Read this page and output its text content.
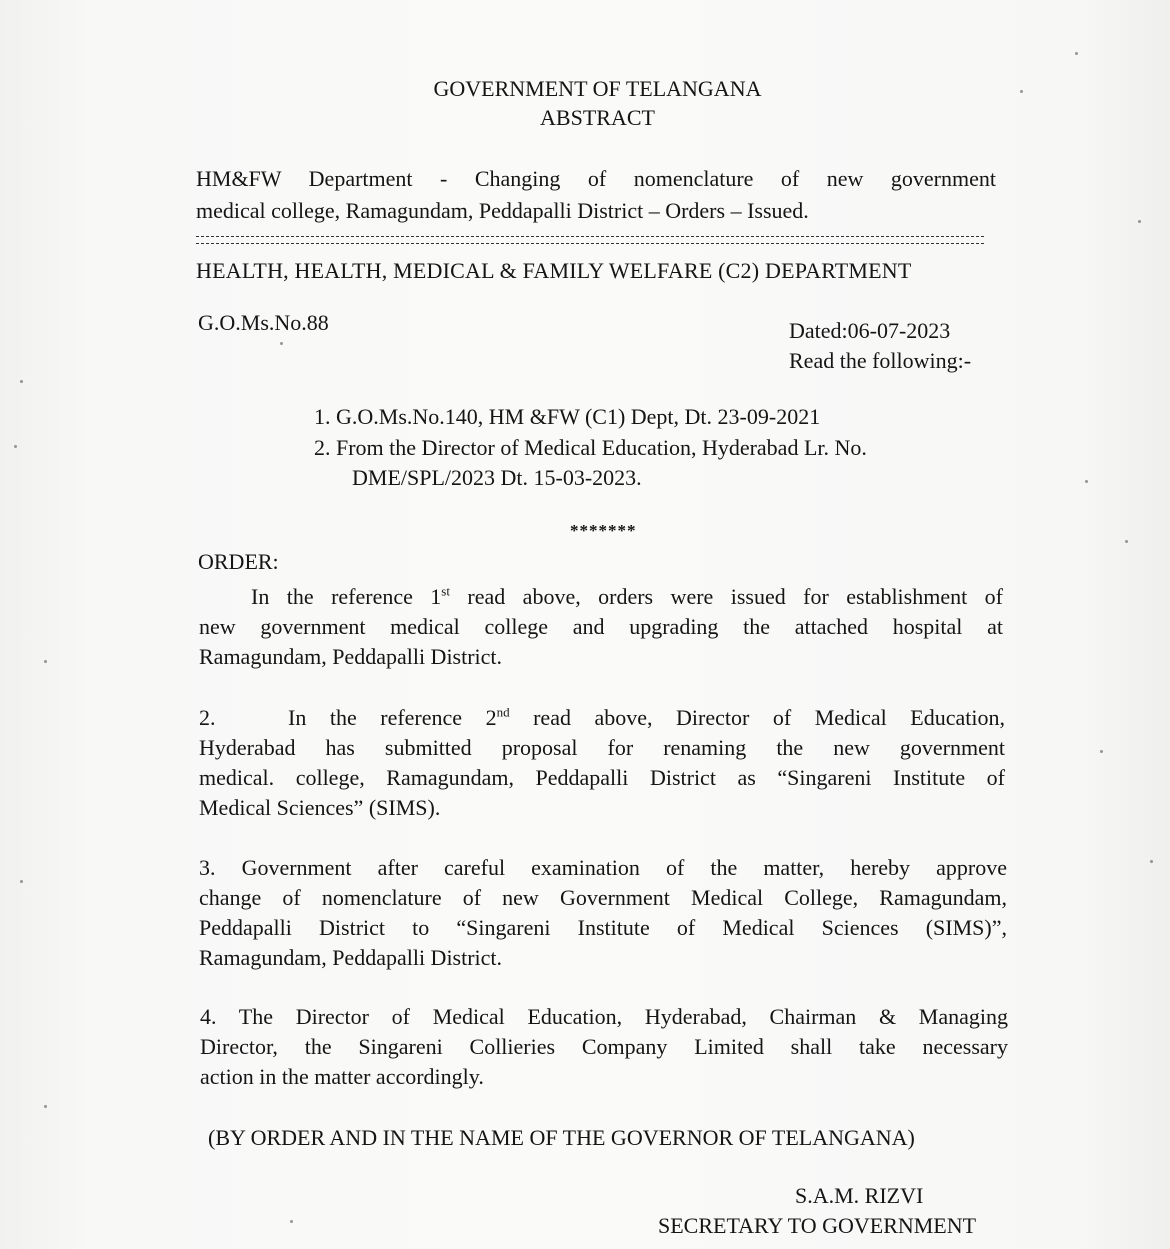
GOVERNMENT OF TELANGANA
ABSTRACT
HM&FW Department - Changing of nomenclature of new government
medical college, Ramagundam, Peddapalli District – Orders – Issued.
HEALTH, HEALTH, MEDICAL & FAMILY WELFARE (C2) DEPARTMENT
G.O.Ms.No.88	Dated:06-07-2023
Read the following:-
1. G.O.Ms.No.140, HM &FW (C1) Dept, Dt. 23-09-2021
2. From the Director of Medical Education, Hyderabad Lr. No.
DME/SPL/2023 Dt. 15-03-2023.
*******
ORDER:
In the reference 1st read above, orders were issued for establishment of
new government medical college and upgrading the attached hospital at
Ramagundam, Peddapalli District.
2.	In the reference 2nd read above, Director of Medical Education,
Hyderabad has submitted proposal for renaming the new government
medical. college, Ramagundam, Peddapalli District as “Singareni Institute of
Medical Sciences” (SIMS).
3. Government after careful examination of the matter, hereby approve
change of nomenclature of new Government Medical College, Ramagundam,
Peddapalli District to “Singareni Institute of Medical Sciences (SIMS)”,
Ramagundam, Peddapalli District.
4. The Director of Medical Education, Hyderabad, Chairman & Managing
Director, the Singareni Collieries Company Limited shall take necessary
action in the matter accordingly.
(BY ORDER AND IN THE NAME OF THE GOVERNOR OF TELANGANA)
S.A.M. RIZVI
SECRETARY TO GOVERNMENT
